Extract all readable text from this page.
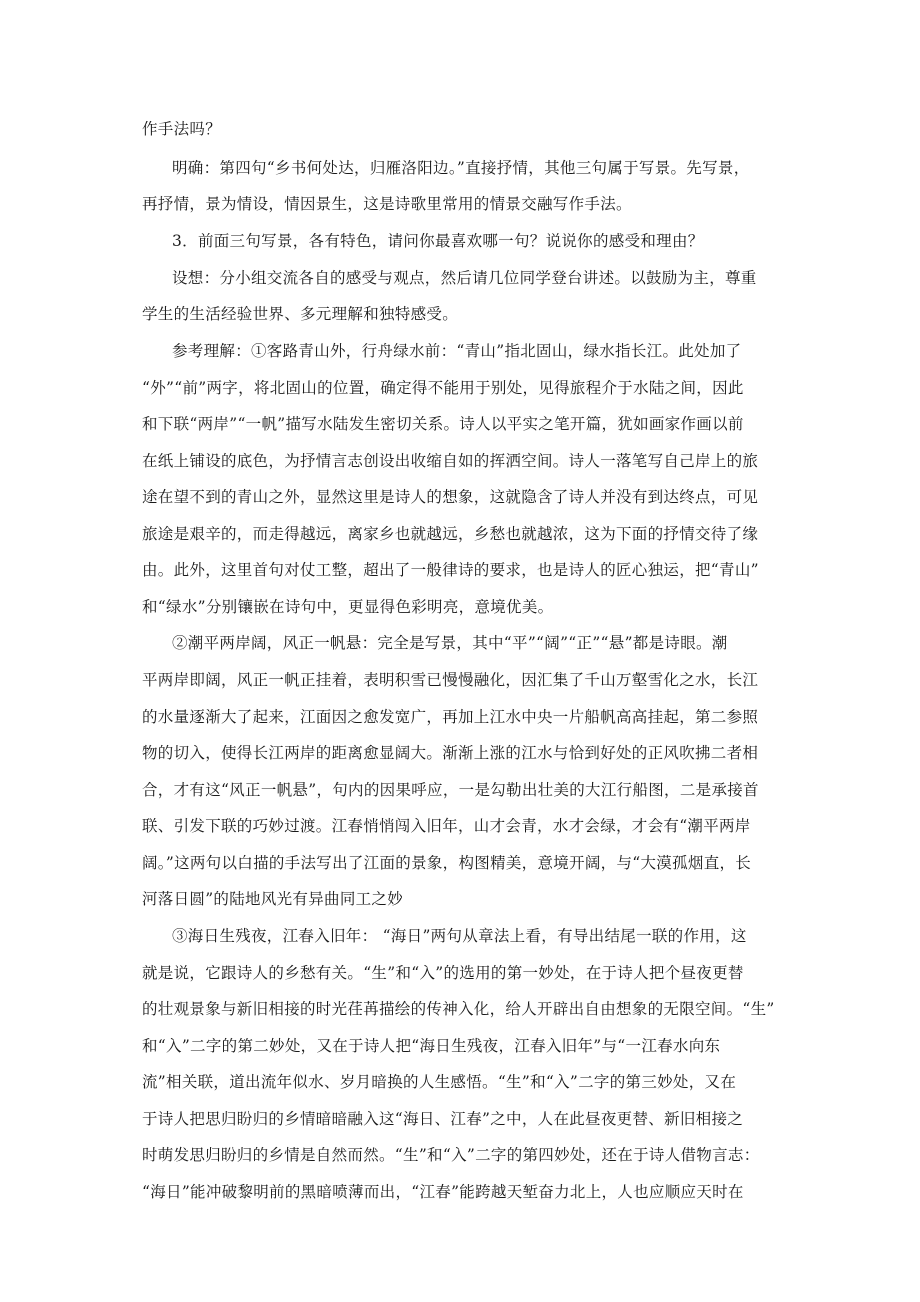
作手法吗？
明确：第四句“乡书何处达，归雁洛阳边。”直接抒情，其他三句属于写景。先写景，
再抒情，景为情设，情因景生，这是诗歌里常用的情景交融写作手法。
3．前面三句写景，各有特色，请问你最喜欢哪一句？说说你的感受和理由？
设想：分小组交流各自的感受与观点，然后请几位同学登台讲述。以鼓励为主，尊重
学生的生活经验世界、多元理解和独特感受。
参考理解：①客路青山外，行舟绿水前：“青山”指北固山，绿水指长江。此处加了
“外”“前”两字，将北固山的位置，确定得不能用于别处，见得旅程介于水陆之间，因此
和下联“两岸”“一帆”描写水陆发生密切关系。诗人以平实之笔开篇，犹如画家作画以前
在纸上铺设的底色，为抒情言志创设出收缩自如的挥洒空间。诗人一落笔写自己岸上的旅
途在望不到的青山之外，显然这里是诗人的想象，这就隐含了诗人并没有到达终点，可见
旅途是艰辛的，而走得越远，离家乡也就越远，乡愁也就越浓，这为下面的抒情交待了缘
由。此外，这里首句对仗工整，超出了一般律诗的要求，也是诗人的匠心独运，把“青山”
和“绿水”分别镶嵌在诗句中，更显得色彩明亮，意境优美。
②潮平两岸阔，风正一帆悬：完全是写景，其中“平”“阔”“正”“悬”都是诗眼。潮
平两岸即阔，风正一帆正挂着，表明积雪已慢慢融化，因汇集了千山万壑雪化之水，长江
的水量逐渐大了起来，江面因之愈发宽广，再加上江水中央一片船帆高高挂起，第二参照
物的切入，使得长江两岸的距离愈显阔大。渐渐上涨的江水与恰到好处的正风吹拂二者相
合，才有这“风正一帆悬”，句内的因果呼应，一是勾勒出壮美的大江行船图，二是承接首
联、引发下联的巧妙过渡。江春悄悄闯入旧年，山才会青，水才会绿，才会有“潮平两岸
阔。”这两句以白描的手法写出了江面的景象，构图精美，意境开阔，与“大漠孤烟直，长
河落日圆”的陆地风光有异曲同工之妙
③海日生残夜，江春入旧年： “海日”两句从章法上看，有导出结尾一联的作用，这
就是说，它跟诗人的乡愁有关。“生”和“入”的选用的第一妙处，在于诗人把个昼夜更替
的壮观景象与新旧相接的时光荏苒描绘的传神入化，给人开辟出自由想象的无限空间。“生”
和“入”二字的第二妙处，又在于诗人把“海日生残夜，江春入旧年”与“一江春水向东
流”相关联，道出流年似水、岁月暗换的人生感悟。“生”和“入”二字的第三妙处，又在
于诗人把思归盼归的乡情暗暗融入这“海日、江春”之中，人在此昼夜更替、新旧相接之
时萌发思归盼归的乡情是自然而然。“生”和“入”二字的第四妙处，还在于诗人借物言志：
“海日”能冲破黎明前的黑暗喷薄而出，“江春”能跨越天堑奋力北上，人也应顺应天时在
